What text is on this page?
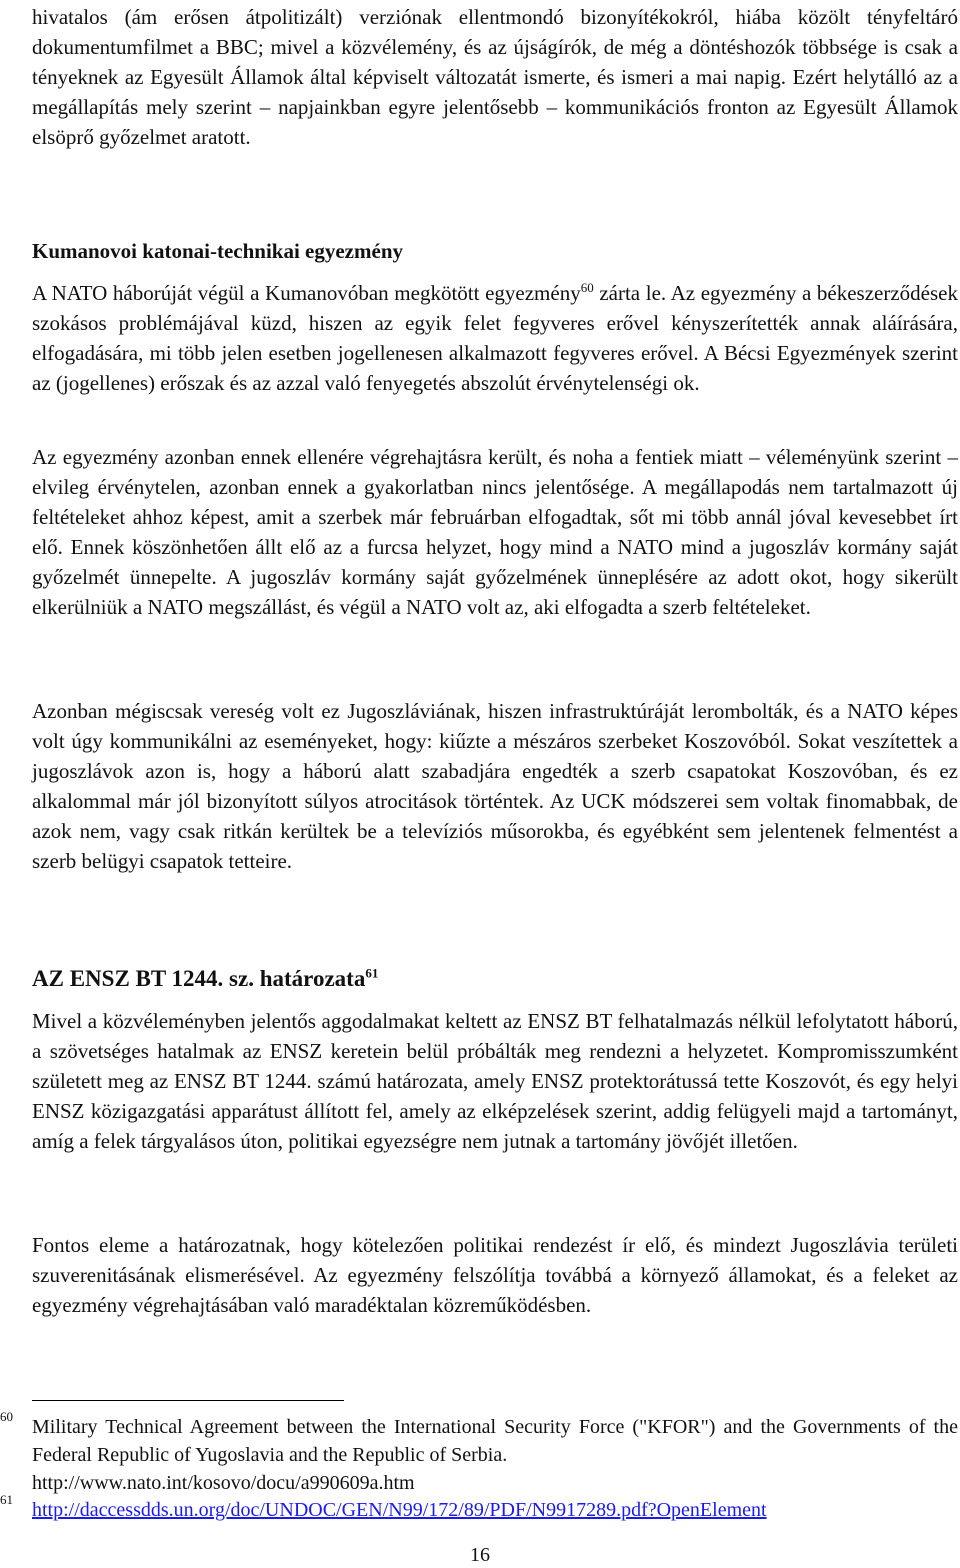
hivatalos (ám erősen átpolitizált) verziónak ellentmondó bizonyítékokról, hiába közölt tényfeltáró dokumentumfilmet a BBC; mivel a közvélemény, és az újságírók, de még a döntéshozók többsége is csak a tényeknek az Egyesült Államok által képviselt változatát ismerte, és ismeri a mai napig. Ezért helytálló az a megállapítás mely szerint – napjainkban egyre jelentősebb – kommunikációs fronton az Egyesült Államok elsöprő győzelmet aratott.

Kumanovoi katonai-technikai egyezmény

A NATO háborúját végül a Kumanovóban megkötött egyezmény$^{60}$ zárta le. Az egyezmény a békeszerződések szokásos problémájával küzd, hiszen az egyik felet fegyveres erővel kényszerítették annak aláírására, elfogadására, mi több jelen esetben jogellenesen alkalmazott fegyveres erővel. A Bécsi Egyezmények szerint az (jogellenes) erőszak és az azzal való fenyegetés abszolút érvénytelenségi ok.

Az egyezmény azonban ennek ellenére végrehajtásra került, és noha a fentiek miatt – véleményünk szerint – elvileg érvénytelen, azonban ennek a gyakorlatban nincs jelentősége. A megállapodás nem tartalmazott új feltételeket ahhoz képest, amit a szerbek már februárban elfogadtak, sőt mi több annál jóval kevesebbet írt elő. Ennek köszönhetően állt elő az a furcsa helyzet, hogy mind a NATO mind a jugoszláv kormány saját győzelmét ünnepelte. A jugoszláv kormány saját győzelmének ünneplésére az adott okot, hogy sikerült elkerülniük a NATO megszállást, és végül a NATO volt az, aki elfogadta a szerb feltételeket.

Azonban mégiscsak vereség volt ez Jugoszláviának, hiszen infrastruktúráját lerombolták, és a NATO képes volt úgy kommunikálni az eseményeket, hogy: kiűzte a mészáros szerbeket Koszovóból. Sokat veszítettek a jugoszlávok azon is, hogy a háború alatt szabadjára engedték a szerb csapatokat Koszovóban, és ez alkalommal már jól bizonyított súlyos atrocitások történtek. Az UCK módszerei sem voltak finomabbak, de azok nem, vagy csak ritkán kerültek be a televíziós műsorokba, és egyébként sem jelentenek felmentést a szerb belügyi csapatok tetteire.

AZ ENSZ BT 1244. sz. határozata$^{61}$

Mivel a közvéleményben jelentős aggodalmakat keltett az ENSZ BT felhatalmazás nélkül lefolytatott háború, a szövetséges hatalmak az ENSZ keretein belül próbálták meg rendezni a helyzetet. Kompromisszumként született meg az ENSZ BT 1244. számú határozata, amely ENSZ protektorátussá tette Koszovót, és egy helyi ENSZ közigazgatási apparátust állított fel, amely az elképzelések szerint, addig felügyeli majd a tartományt, amíg a felek tárgyalásos úton, politikai egyezségre nem jutnak a tartomány jövőjét illetően.

Fontos eleme a határozatnak, hogy kötelezően politikai rendezést ír elő, és mindezt Jugoszlávia területi szuverenitásának elismerésével. Az egyezmény felszólítja továbbá a környező államokat, és a feleket az egyezmény végrehajtásában való maradéktalan közreműködésben.

60 Military Technical Agreement between the International Security Force ("KFOR") and the Governments of the Federal Republic of Yugoslavia and the Republic of Serbia.
http://www.nato.int/kosovo/docu/a990609a.htm
61 http://daccessdds.un.org/doc/UNDOC/GEN/N99/172/89/PDF/N9917289.pdf?OpenElement
16
